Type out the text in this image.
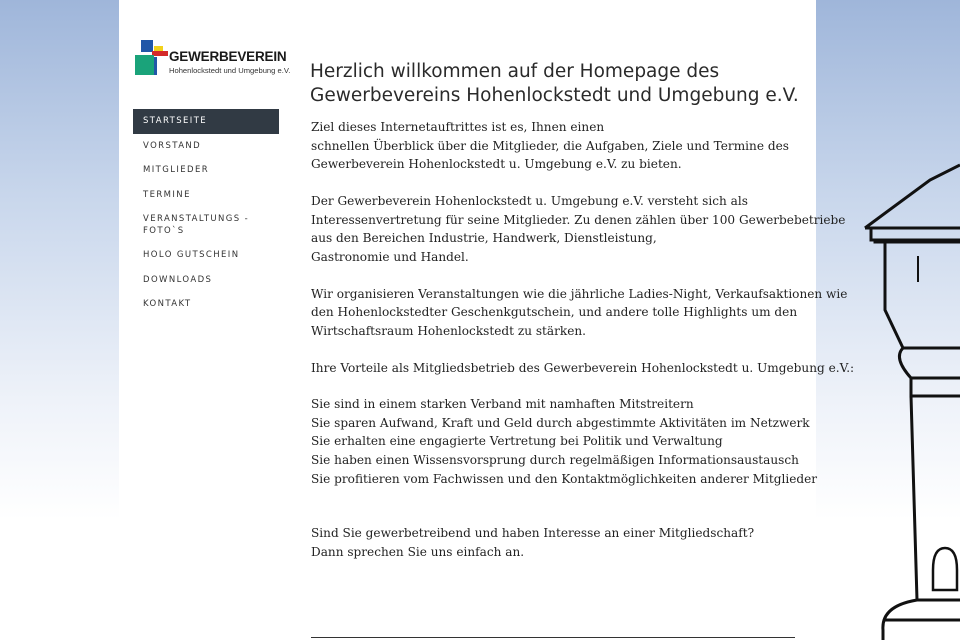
GEWERBEVEREIN
Hohenlockstedt und Umgebung e.V.
STARTSEITE
VORSTAND
MITGLIEDER
TERMINE
VERANSTALTUNGS - FOTO`S
HOLO GUTSCHEIN
DOWNLOADS
KONTAKT
Herzlich willkommen auf der Homepage des
Gewerbevereins Hohenlockstedt und Umgebung e.V.

Ziel dieses Internetauftrittes ist es, Ihnen einen
schnellen Überblick über die Mitglieder, die Aufgaben, Ziele und Termine des
Gewerbeverein Hohenlockstedt u. Umgebung e.V. zu bieten.

Der Gewerbeverein Hohenlockstedt u. Umgebung e.V. versteht sich als
Interessenvertretung für seine Mitglieder. Zu denen zählen über 100 Gewerbebetriebe
aus den Bereichen Industrie, Handwerk, Dienstleistung,
Gastronomie und Handel.

Wir organisieren Veranstaltungen wie die jährliche Ladies-Night, Verkaufsaktionen wie
den Hohenlockstedter Geschenkgutschein, und andere tolle Highlights um den
Wirtschaftsraum Hohenlockstedt zu stärken.

Ihre Vorteile als Mitgliedsbetrieb des Gewerbeverein Hohenlockstedt u. Umgebung e.V.:

Sie sind in einem starken Verband mit namhaften Mitstreitern
Sie sparen Aufwand, Kraft und Geld durch abgestimmte Aktivitäten im Netzwerk
Sie erhalten eine engagierte Vertretung bei Politik und Verwaltung
Sie haben einen Wissensvorsprung durch regelmäßigen Informationsaustausch
Sie profitieren vom Fachwissen und den Kontaktmöglichkeiten anderer Mitglieder

Sind Sie gewerbetreibend und haben Interesse an einer Mitgliedschaft?
Dann sprechen Sie uns einfach an.
